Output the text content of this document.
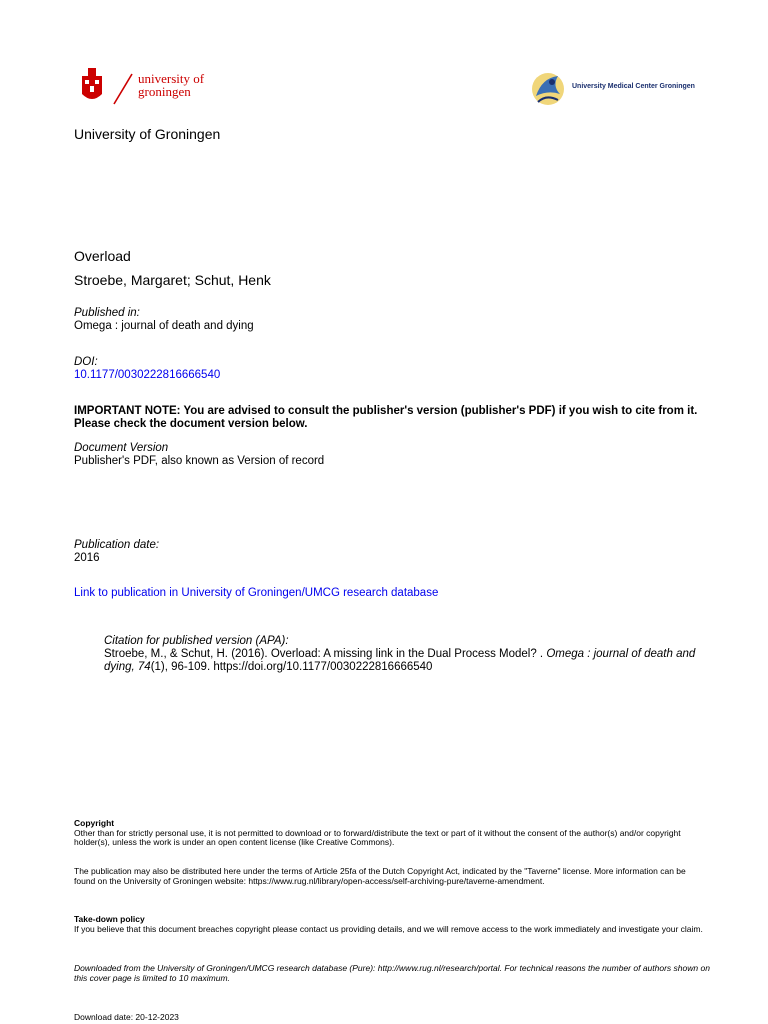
university of
groningen	University Medical Center Groningen
University of Groningen
Overload
Stroebe, Margaret; Schut, Henk
Published in:
Omega : journal of death and dying
DOI:
10.1177/0030222816666540
IMPORTANT NOTE: You are advised to consult the publisher's version (publisher's PDF) if you wish to cite from it. Please check the document version below.
Document Version
Publisher's PDF, also known as Version of record
Publication date:
2016
Link to publication in University of Groningen/UMCG research database
Citation for published version (APA):
Stroebe, M., & Schut, H. (2016). Overload: A missing link in the Dual Process Model? . Omega : journal of death and dying, 74(1), 96-109. https://doi.org/10.1177/0030222816666540
Copyright
Other than for strictly personal use, it is not permitted to download or to forward/distribute the text or part of it without the consent of the author(s) and/or copyright holder(s), unless the work is under an open content license (like Creative Commons).
The publication may also be distributed here under the terms of Article 25fa of the Dutch Copyright Act, indicated by the "Taverne" license. More information can be found on the University of Groningen website: https://www.rug.nl/library/open-access/self-archiving-pure/taverne-amendment.
Take-down policy
If you believe that this document breaches copyright please contact us providing details, and we will remove access to the work immediately and investigate your claim.
Downloaded from the University of Groningen/UMCG research database (Pure): http://www.rug.nl/research/portal. For technical reasons the number of authors shown on this cover page is limited to 10 maximum.
Download date: 20-12-2023
